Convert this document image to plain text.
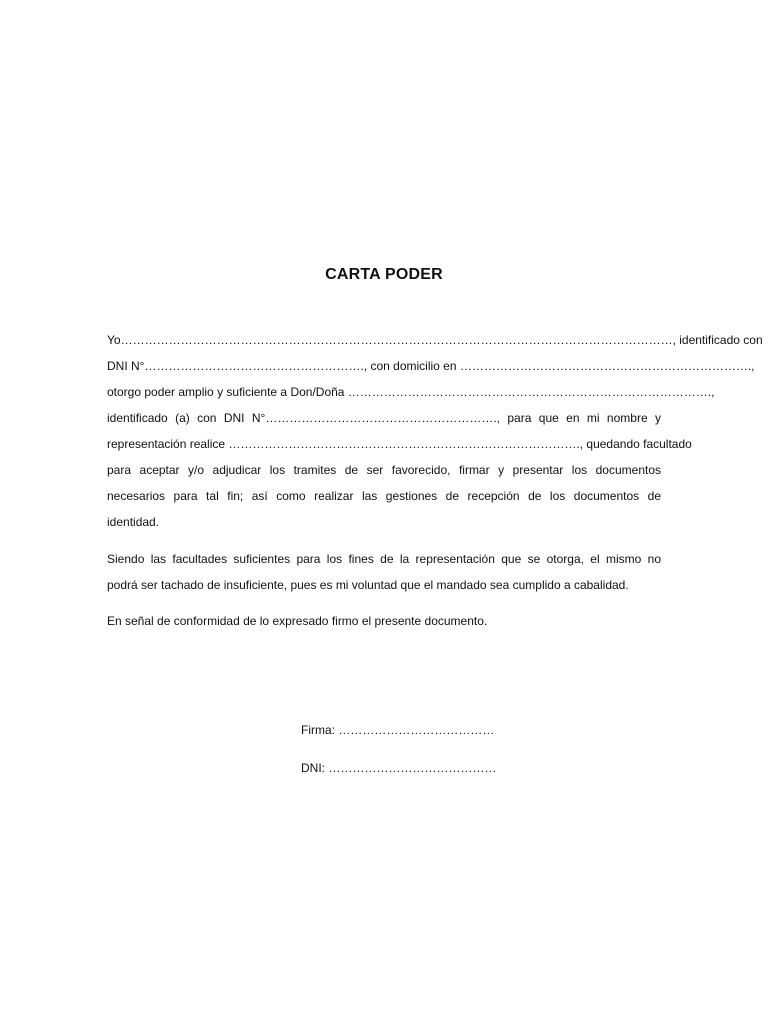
CARTA PODER
Yo…………………………………………………………………………………………………………………………, identificado con
DNI N°………………………………………………., con domicilio en ……………………………………………………………….,
otorgo poder amplio y suficiente a Don/Doña ……………………………………………………………………………….,
identificado (a) con DNI N°…………………………………………………., para que en mi nombre y
representación realice ……………………………………………………………………………., quedando facultado
para aceptar y/o adjudicar los tramites de ser favorecido, firmar y presentar los documentos
necesarios para tal fin; así como realizar las gestiones de recepción de los documentos de
identidad.
Siendo las facultades suficientes para los fines de la representación que se otorga, el mismo no
podrá ser tachado de insuficiente, pues es mi voluntad que el mandado sea cumplido a cabalidad.
En señal de conformidad de lo expresado firmo el presente documento.
Firma: …………………………………
DNI: ……………………………………
